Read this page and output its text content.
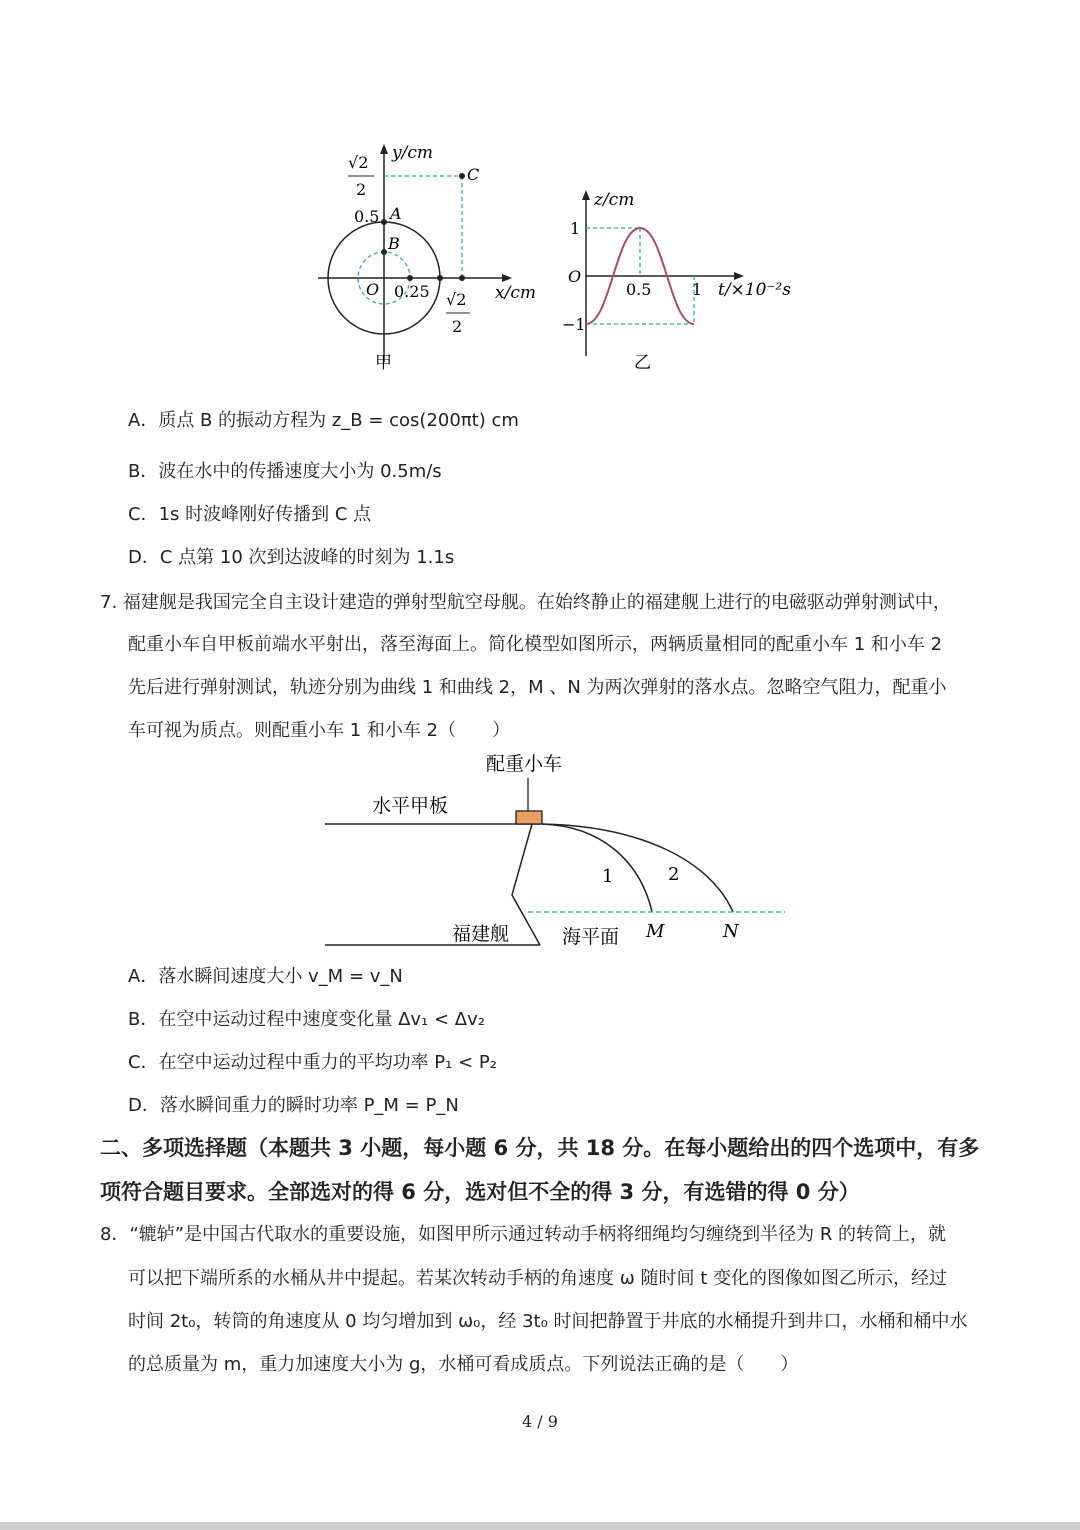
y/cm
√2
2
0.5 A
B
C
O 0.25 √2
2
x/cm
甲
z/cm
1
O
−1
0.5	1 t/×10⁻²s
乙
A．质点 B 的振动方程为 z_B = cos(200πt) cm
B．波在水中的传播速度大小为 0.5m/s
C．1s 时波峰刚好传播到 C 点
D．C 点第 10 次到达波峰的时刻为 1.1s
7. 福建舰是我国完全自主设计建造的弹射型航空母舰。在始终静止的福建舰上进行的电磁驱动弹射测试中，
配重小车自甲板前端水平射出，落至海面上。简化模型如图所示，两辆质量相同的配重小车 1 和小车 2
先后进行弹射测试，轨迹分别为曲线 1 和曲线 2，M 、N 为两次弹射的落水点。忽略空气阻力，配重小
车可视为质点。则配重小车 1 和小车 2（　　）
配重小车
水平甲板
1	2
福建舰	海平面 M	N
A．落水瞬间速度大小 v_M = v_N
B．在空中运动过程中速度变化量 Δv₁ < Δv₂
C．在空中运动过程中重力的平均功率 P₁ < P₂
D．落水瞬间重力的瞬时功率 P_M = P_N
二、多项选择题（本题共 3 小题，每小题 6 分，共 18 分。在每小题给出的四个选项中，有多
项符合题目要求。全部选对的得 6 分，选对但不全的得 3 分，有选错的得 0 分）
8．“辘轳”是中国古代取水的重要设施，如图甲所示通过转动手柄将细绳均匀缠绕到半径为 R 的转筒上，就
可以把下端所系的水桶从井中提起。若某次转动手柄的角速度 ω 随时间 t 变化的图像如图乙所示，经过
时间 2t₀，转筒的角速度从 0 均匀增加到 ω₀，经 3t₀ 时间把静置于井底的水桶提升到井口，水桶和桶中水
的总质量为 m，重力加速度大小为 g，水桶可看成质点。下列说法正确的是（　　）
4 / 9
